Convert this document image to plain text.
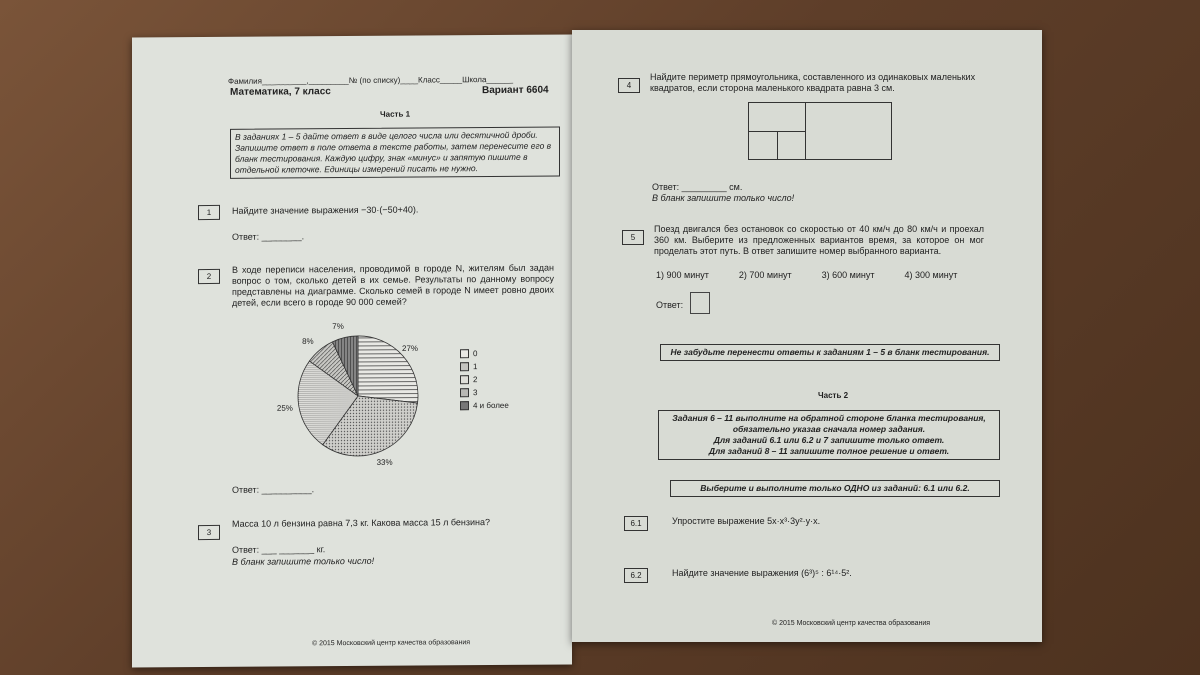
Фамилия__________,_________№ (по списку)____Класс_____Школа______
Математика, 7 класс	Вариант 6604
Часть 1
В заданиях 1 – 5 дайте ответ в виде целого числа или десятичной дроби. Запишите ответ в поле ответа в тексте работы, затем перенесите его в бланк тестирования. Каждую цифру, знак «минус» и запятую пишите в отдельной клеточке. Единицы измерений писать не нужно.
1	Найдите значение выражения −30·(−50+40).
Ответ: ________.
2
В ходе переписи населения, проводимой в городе N, жителям был задан вопрос о том, сколько детей в их семье. Результаты по данному вопросу представлены на диаграмме. Сколько семей в городе N имеет ровно двоих детей, если всего в городе 90 000 семей?
27%
33%
25%
8%
7%
0
1
2
3
4 и более
Ответ: __________.
3
Масса 10 л бензина равна 7,3 кг. Какова масса 15 л бензина?
Ответ: ___ _______ кг.
В бланк запишите только число!
© 2015 Московский центр качества образования
4
Найдите периметр прямоугольника, составленного из одинаковых маленьких квадратов, если сторона маленького квадрата равна 3 см.
Ответ: _________ см.
В бланк запишите только число!
5
Поезд двигался без остановок со скоростью от 40 км/ч до 80 км/ч и проехал 360 км. Выберите из предложенных вариантов время, за которое он мог проделать этот путь. В ответ запишите номер выбранного варианта.
1) 900 минут	2) 700 минут	3) 600 минут	4) 300 минут
Ответ:
Не забудьте перенести ответы к заданиям 1 – 5 в бланк тестирования.
Часть 2
Задания 6 – 11 выполните на обратной стороне бланка тестирования,
обязательно указав сначала номер задания.
Для заданий 6.1 или 6.2 и 7 запишите только ответ.
Для заданий 8 – 11 запишите полное решение и ответ.
Выберите и выполните только ОДНО из заданий: 6.1 или 6.2.
6.1	Упростите выражение 5x·x³·3y²·y·x.
6.2	Найдите значение выражения (6³)⁵ : 6¹⁴·5².
© 2015 Московский центр качества образования
